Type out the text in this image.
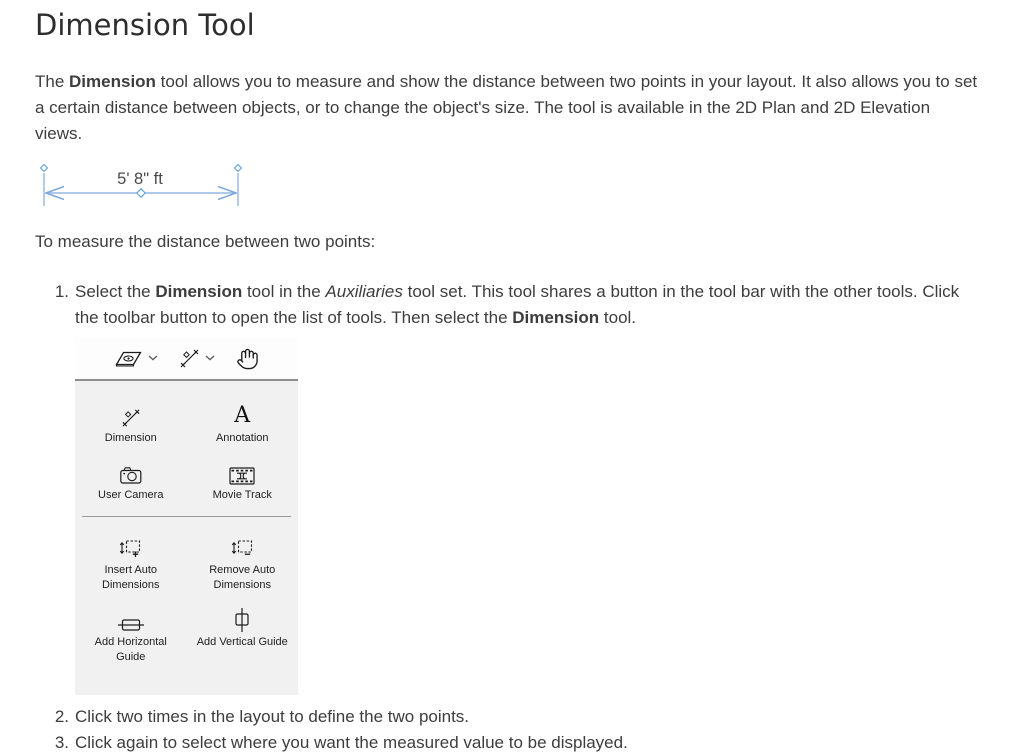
Dimension Tool

The Dimension tool allows you to measure and show the distance between two points in your layout. It also allows you to set a certain distance between objects, or to change the object's size. The tool is available in the 2D Plan and 2D Elevation views.

5' 8" ft
To measure the distance between two points:
1. Select the Dimension tool in the Auxiliaries tool set. This tool shares a button in the tool bar with the other tools. Click the toolbar button to open the list of tools. Then select the Dimension tool.
Dimension
A
Annotation
User Camera	Movie Track
Insert Auto Dimensions
Remove Auto Dimensions
Add Horizontal Guide
Add Vertical Guide
2. Click two times in the layout to define the two points.
3. Click again to select where you want the measured value to be displayed.
